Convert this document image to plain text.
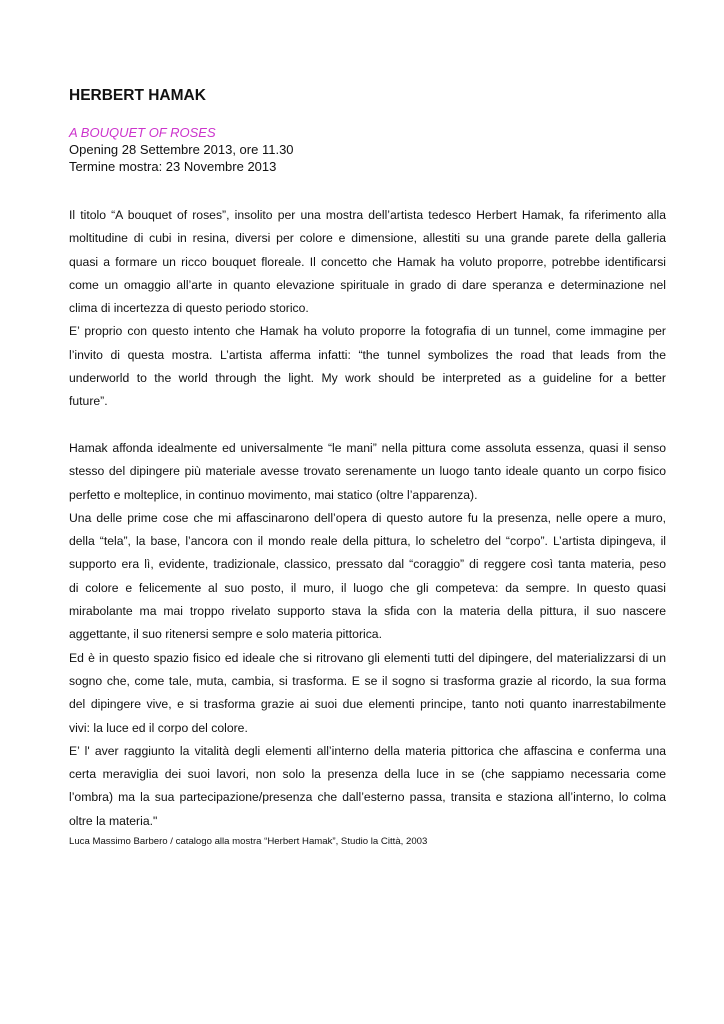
HERBERT HAMAK
A BOUQUET OF ROSES
Opening 28 Settembre 2013, ore 11.30
Termine mostra: 23 Novembre 2013
Il titolo “A bouquet of roses”, insolito per una mostra dell’artista tedesco Herbert Hamak, fa riferimento alla
moltitudine di cubi in resina, diversi per colore e dimensione, allestiti su una grande parete della galleria
quasi a formare un ricco bouquet floreale. Il concetto che Hamak ha voluto proporre, potrebbe identificarsi
come un omaggio all’arte in quanto elevazione spirituale in grado di dare speranza e determinazione nel
clima di incertezza di questo periodo storico.
E’ proprio con questo intento che Hamak ha voluto proporre la fotografia di un tunnel, come immagine per
l’invito di questa mostra. L’artista afferma infatti: “the tunnel symbolizes the road that leads from the
underworld to the world through the light. My work should be interpreted as a guideline for a better
future”.
Hamak affonda idealmente ed universalmente “le mani” nella pittura come assoluta essenza, quasi il senso
stesso del dipingere più materiale avesse trovato serenamente un luogo tanto ideale quanto un corpo fisico
perfetto e molteplice, in continuo movimento, mai statico (oltre l’apparenza).
Una delle prime cose che mi affascinarono dell’opera di questo autore fu la presenza, nelle opere a muro,
della “tela”, la base, l’ancora con il mondo reale della pittura, lo scheletro del “corpo”. L’artista dipingeva, il
supporto era lì, evidente, tradizionale, classico, pressato dal “coraggio” di reggere così tanta materia, peso
di colore e felicemente al suo posto, il muro, il luogo che gli competeva: da sempre. In questo quasi
mirabolante ma mai troppo rivelato supporto stava la sfida con la materia della pittura, il suo nascere
aggettante, il suo ritenersi sempre e solo materia pittorica.
Ed è in questo spazio fisico ed ideale che si ritrovano gli elementi tutti del dipingere, del materializzarsi di un
sogno che, come tale, muta, cambia, si trasforma. E se il sogno si trasforma grazie al ricordo, la sua forma
del dipingere vive, e si trasforma grazie ai suoi due elementi principe, tanto noti quanto inarrestabilmente
vivi: la luce ed il corpo del colore.
E’ l' aver raggiunto la vitalità degli elementi all’interno della materia pittorica che affascina e conferma una
certa meraviglia dei suoi lavori, non solo la presenza della luce in se (che sappiamo necessaria come
l’ombra) ma la sua partecipazione/presenza che dall’esterno passa, transita e staziona all’interno, lo colma
oltre la materia."
Luca Massimo Barbero / catalogo alla mostra “Herbert Hamak”, Studio la Città, 2003
